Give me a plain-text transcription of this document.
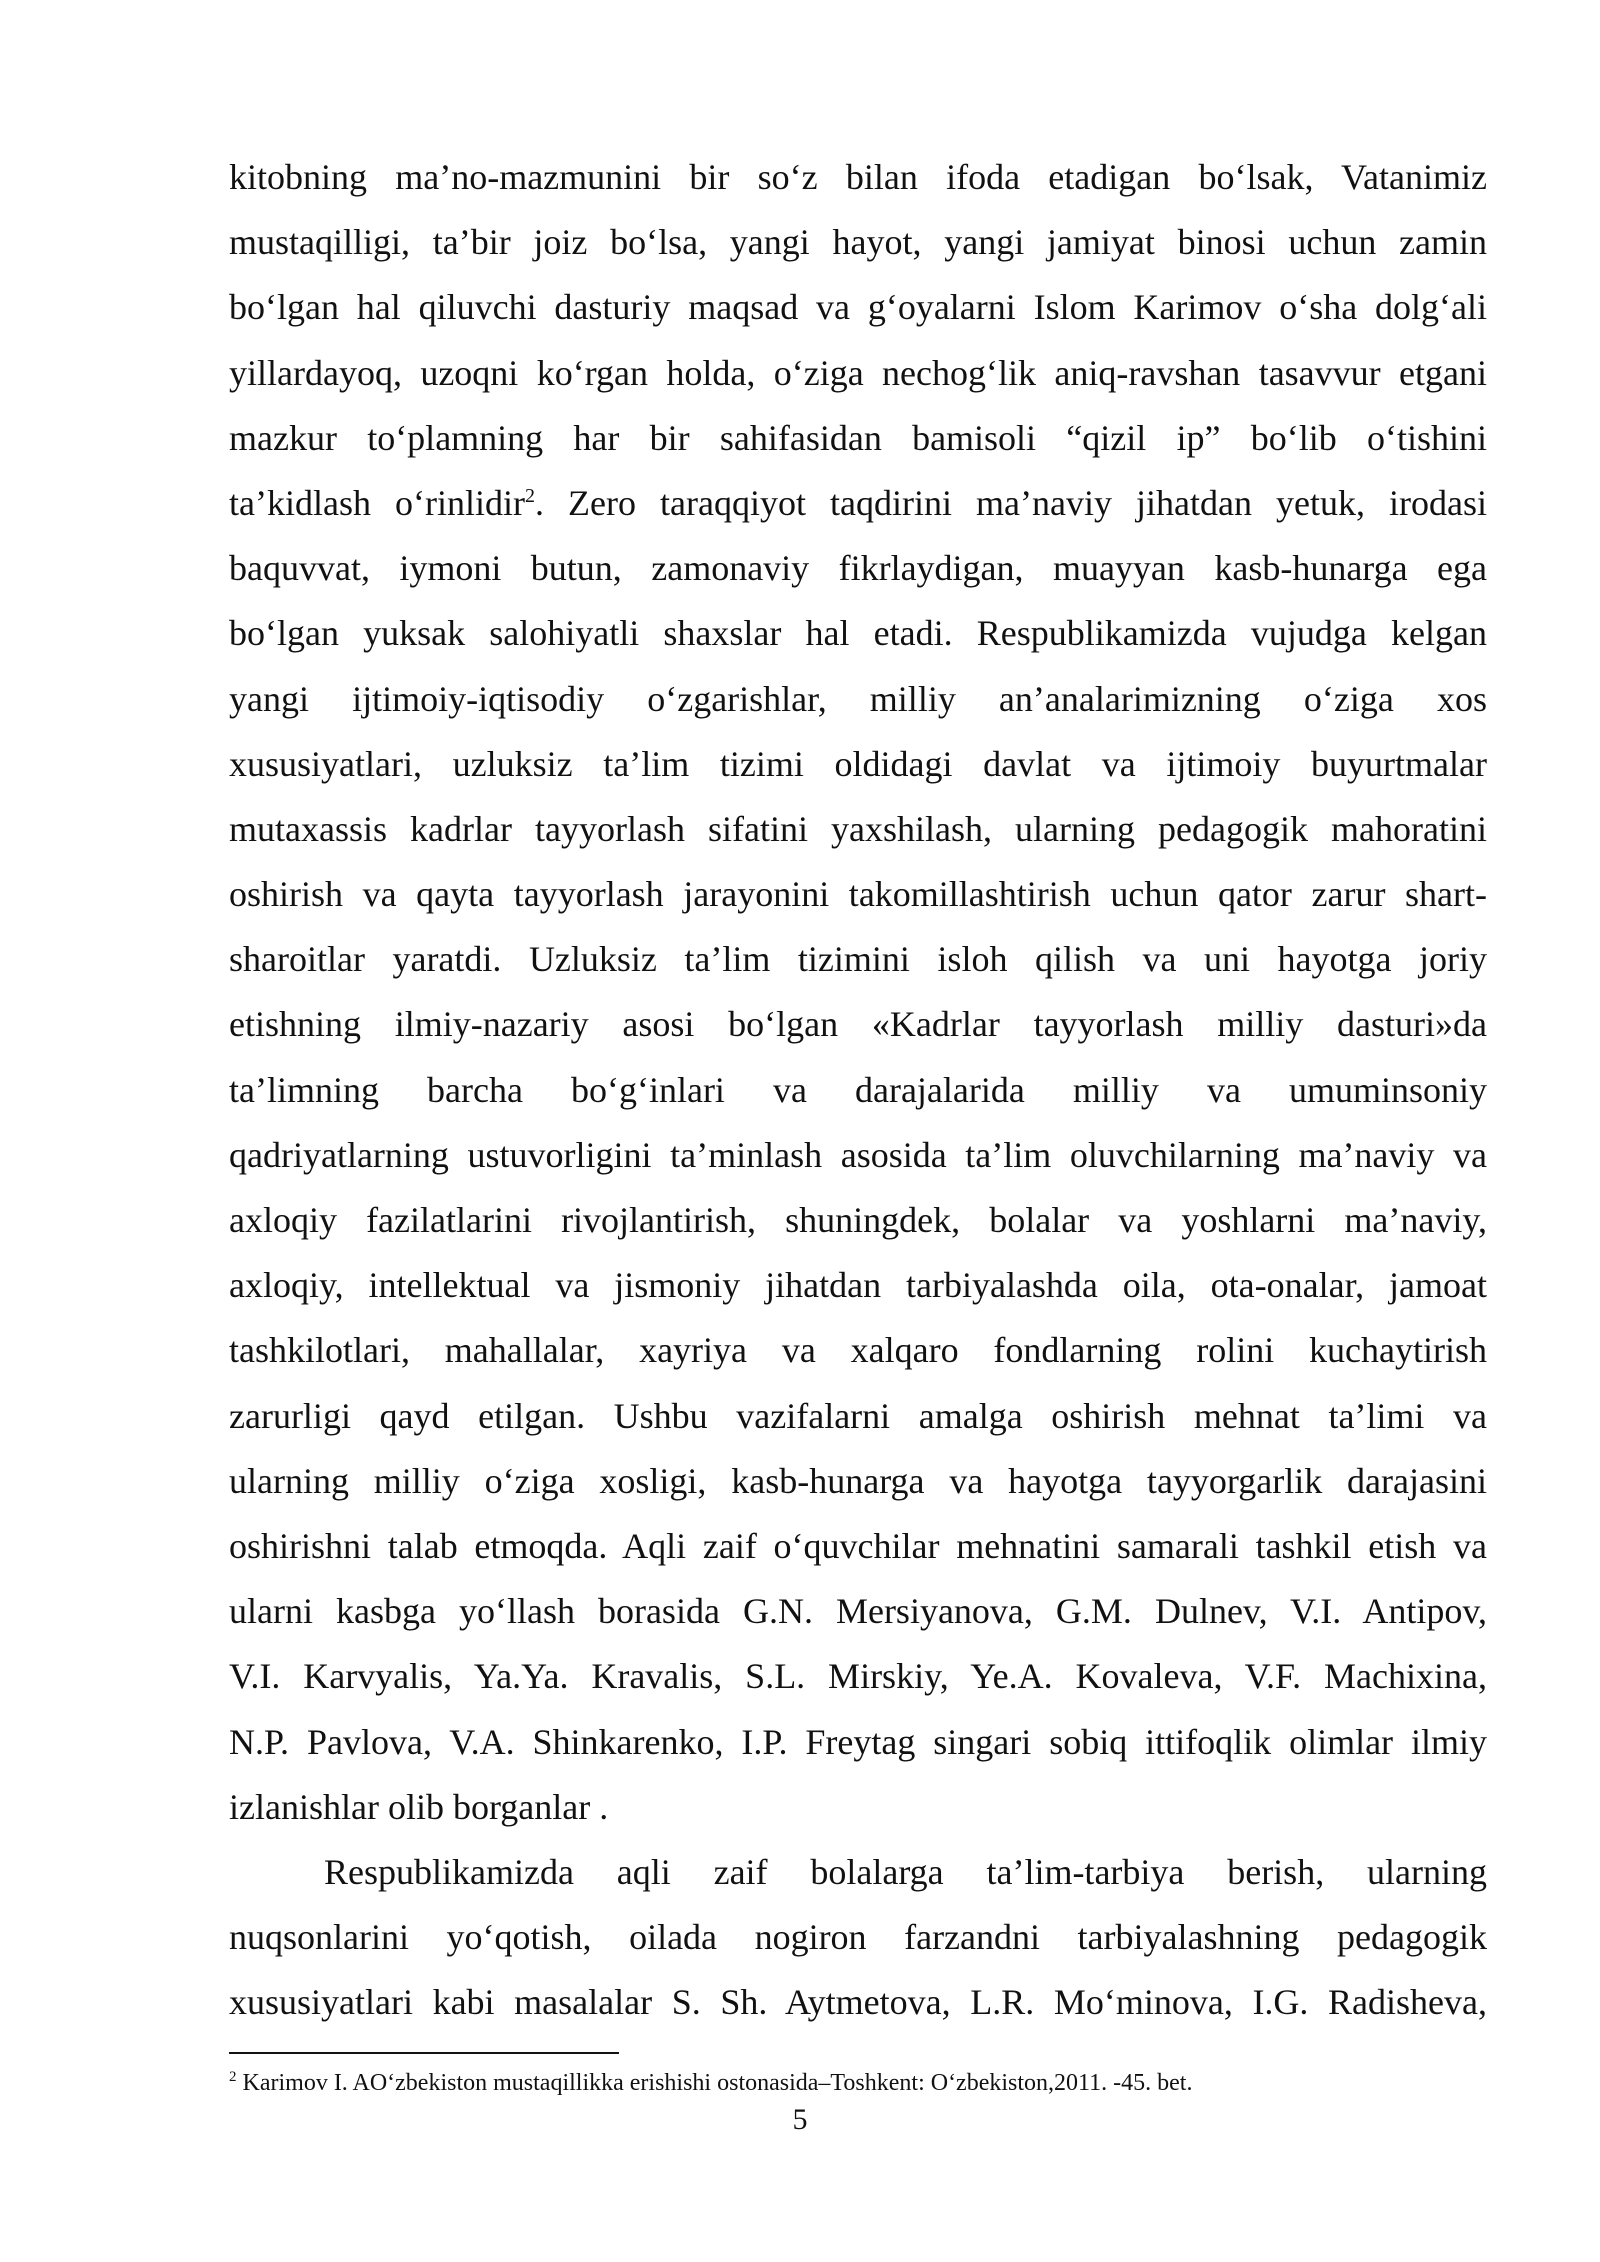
kitobning ma’no-mazmunini bir so‘z bilan ifoda etadigan bo‘lsak, Vatanimiz
mustaqilligi, ta’bir joiz bo‘lsa, yangi hayot, yangi jamiyat binosi uchun zamin
bo‘lgan hal qiluvchi dasturiy maqsad va g‘oyalarni Islom Karimov o‘sha dolg‘ali
yillardayoq, uzoqni ko‘rgan holda, o‘ziga nechog‘lik aniq-ravshan tasavvur etgani
mazkur to‘plamning har bir sahifasidan bamisoli “qizil ip” bo‘lib o‘tishini
ta’kidlash o‘rinlidir$^2$. Zero taraqqiyot taqdirini ma’naviy jihatdan yetuk, irodasi
baquvvat, iymoni butun, zamonaviy fikrlaydigan, muayyan kasb-hunarga ega
bo‘lgan yuksak salohiyatli shaxslar hal etadi. Respublikamizda vujudga kelgan
yangi ijtimoiy-iqtisodiy o‘zgarishlar, milliy an’analarimizning o‘ziga xos
xususiyatlari, uzluksiz ta’lim tizimi oldidagi davlat va ijtimoiy buyurtmalar
mutaxassis kadrlar tayyorlash sifatini yaxshilash, ularning pedagogik mahoratini
oshirish va qayta tayyorlash jarayonini takomillashtirish uchun qator zarur shart-
sharoitlar yaratdi. Uzluksiz ta’lim tizimini isloh qilish va uni hayotga joriy
etishning ilmiy-nazariy asosi bo‘lgan «Kadrlar tayyorlash milliy dasturi»da
ta’limning barcha bo‘g‘inlari va darajalarida milliy va umuminsoniy
qadriyatlarning ustuvorligini ta’minlash asosida ta’lim oluvchilarning ma’naviy va
axloqiy fazilatlarini rivojlantirish, shuningdek, bolalar va yoshlarni ma’naviy,
axloqiy, intellektual va jismoniy jihatdan tarbiyalashda oila, ota-onalar, jamoat
tashkilotlari, mahallalar, xayriya va xalqaro fondlarning rolini kuchaytirish
zarurligi qayd etilgan. Ushbu vazifalarni amalga oshirish mehnat ta’limi va
ularning milliy o‘ziga xosligi, kasb-hunarga va hayotga tayyorgarlik darajasini
oshirishni talab etmoqda. Aqli zaif o‘quvchilar mehnatini samarali tashkil etish va
ularni kasbga yo‘llash borasida G.N. Mersiyanova, G.M. Dulnev, V.I. Antipov,
V.I. Karvyalis, Ya.Ya. Kravalis, S.L. Mirskiy, Ye.A. Kovaleva, V.F. Machixina,
N.P. Pavlova, V.A. Shinkarenko, I.P. Freytag singari sobiq ittifoqlik olimlar ilmiy
izlanishlar olib borganlar .
Respublikamizda aqli zaif bolalarga ta’lim-tarbiya berish, ularning
nuqsonlarini yo‘qotish, oilada nogiron farzandni tarbiyalashning pedagogik
xususiyatlari kabi masalalar S. Sh. Aytmetova, L.R. Mo‘minova, I.G. Radisheva,
$^2$ Karimov I. AO‘zbekiston mustaqillikka erishishi ostonasida–Toshkent: O‘zbekiston,2011. -45. bet.
5
